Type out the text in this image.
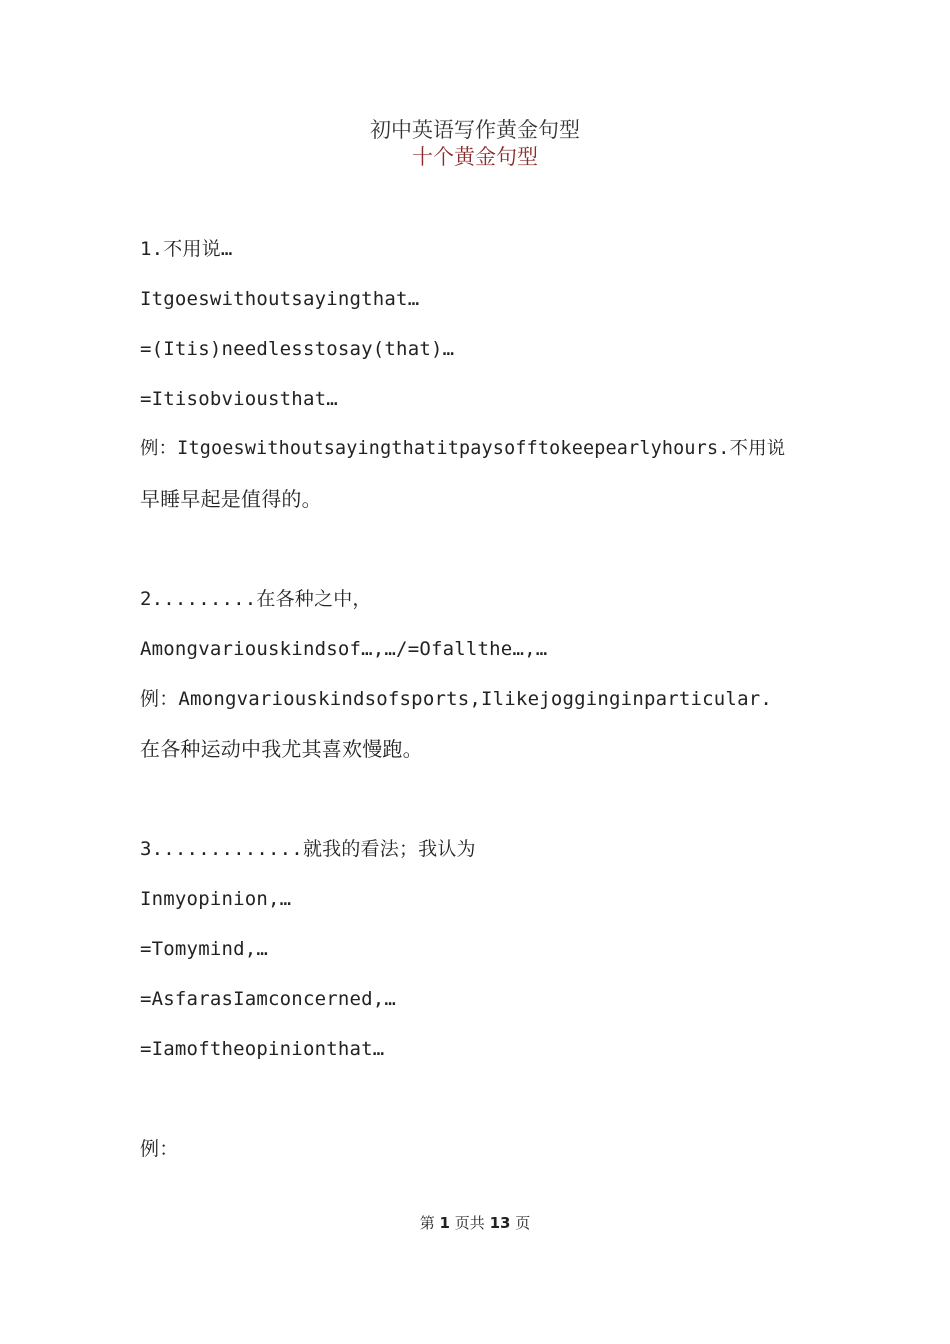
初中英语写作黄金句型
十个黄金句型
1.不用说…
Itgoeswithoutsayingthat…
=(Itis)needlesstosay(that)…
=Itisobviousthat…
例：Itgoeswithoutsayingthatitpaysofftokeepearlyhours.不用说
早睡早起是值得的。
2.........在各种之中，
Amongvariouskindsof…,…/=Ofallthe…,…
例：Amongvariouskindsofsports,Ilikejogginginparticular.
在各种运动中我尤其喜欢慢跑。
3.............就我的看法；我认为
Inmyopinion,…
=Tomymind,…
=AsfarasIamconcerned,…
=Iamoftheopinionthat…
例：
第 1 页共 13 页
